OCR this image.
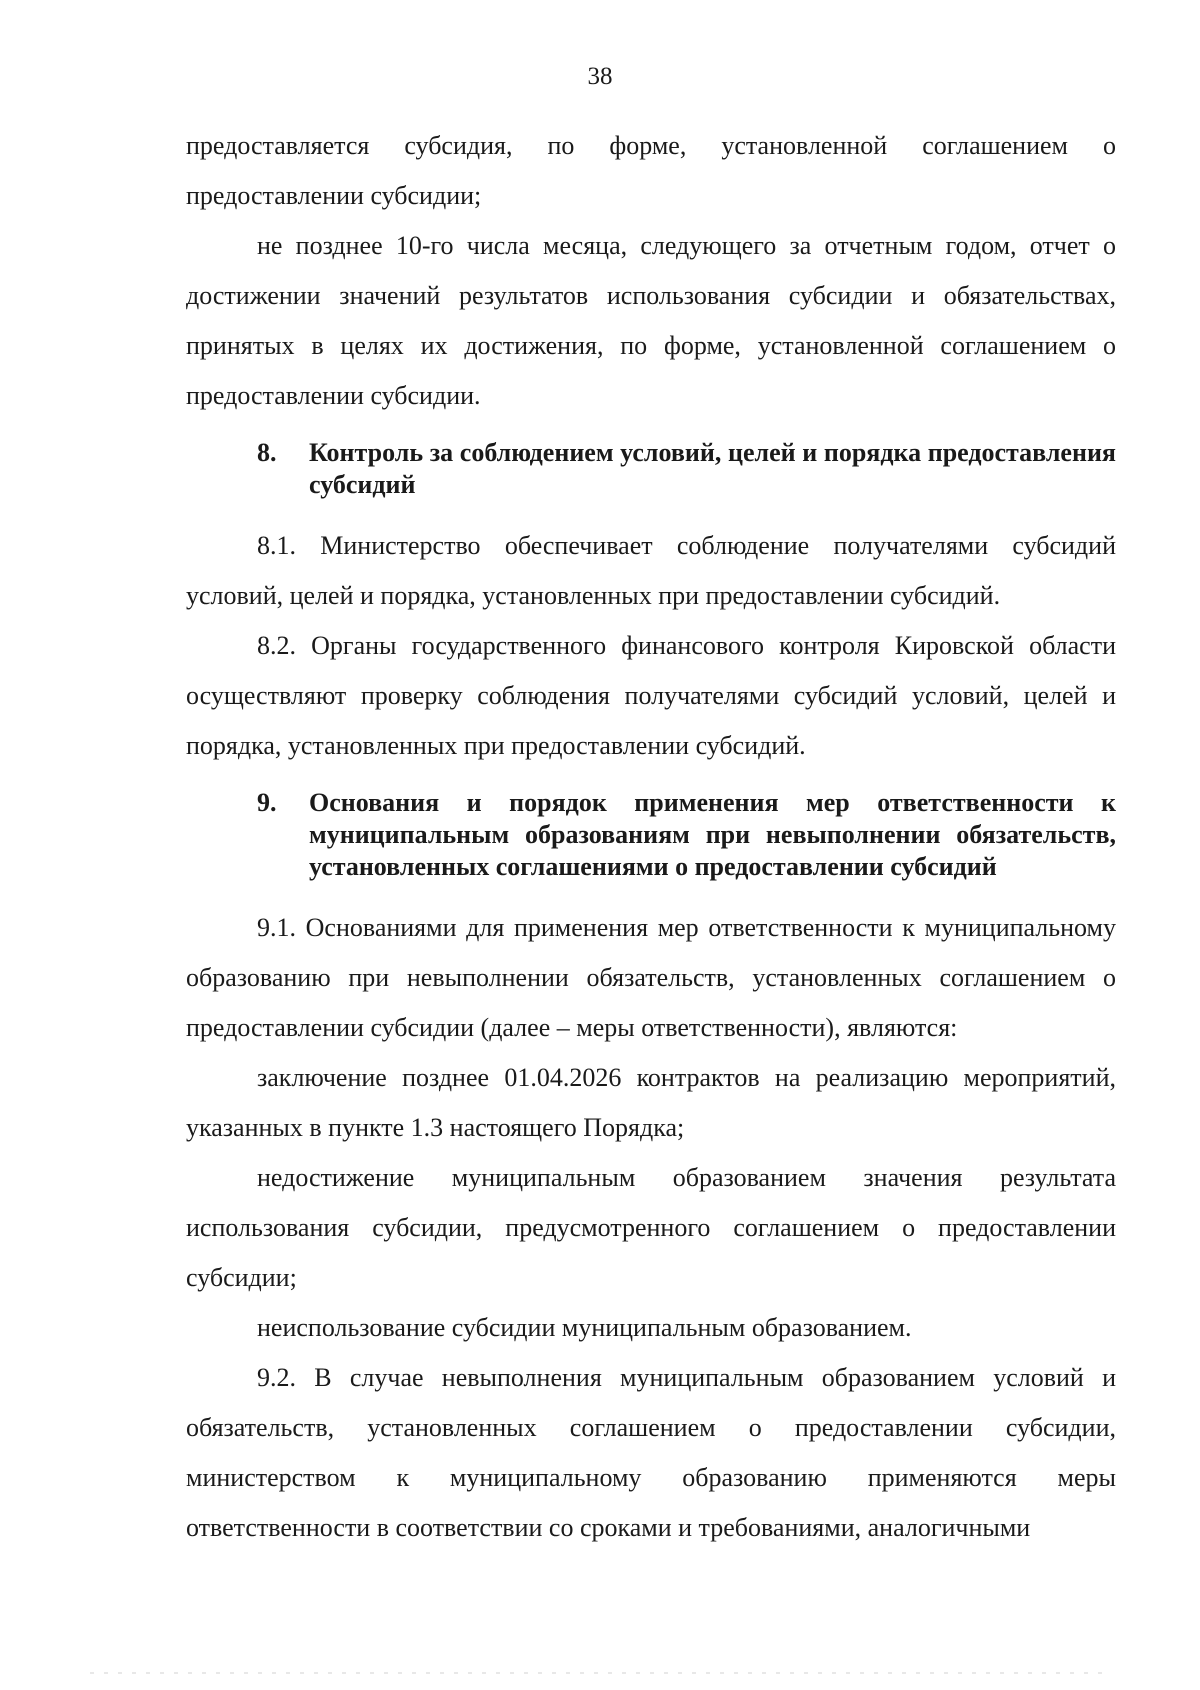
38

предоставляется субсидия, по форме, установленной соглашением о предоставлении субсидии;

не позднее 10-го числа месяца, следующего за отчетным годом, отчет о достижении значений результатов использования субсидии и обязательствах, принятых в целях их достижения, по форме, установленной соглашением о предоставлении субсидии.

8.	Контроль за соблюдением условий, целей и порядка предоставления субсидий

8.1. Министерство обеспечивает соблюдение получателями субсидий условий, целей и порядка, установленных при предоставлении субсидий.

8.2. Органы государственного финансового контроля Кировской области осуществляют проверку соблюдения получателями субсидий условий, целей и порядка, установленных при предоставлении субсидий.

9.	Основания и порядок применения мер ответственности к муниципальным образованиям при невыполнении обязательств, установленных соглашениями о предоставлении субсидий

9.1. Основаниями для применения мер ответственности к муниципальному образованию при невыполнении обязательств, установленных соглашением о предоставлении субсидии (далее – меры ответственности), являются:

заключение позднее 01.04.2026 контрактов на реализацию мероприятий, указанных в пункте 1.3 настоящего Порядка;

недостижение муниципальным образованием значения результата использования субсидии, предусмотренного соглашением о предоставлении субсидии;

неиспользование субсидии муниципальным образованием.

9.2. В случае невыполнения муниципальным образованием условий и обязательств, установленных соглашением о предоставлении субсидии, министерством к муниципальному образованию применяются меры ответственности в соответствии со сроками и требованиями, аналогичными
